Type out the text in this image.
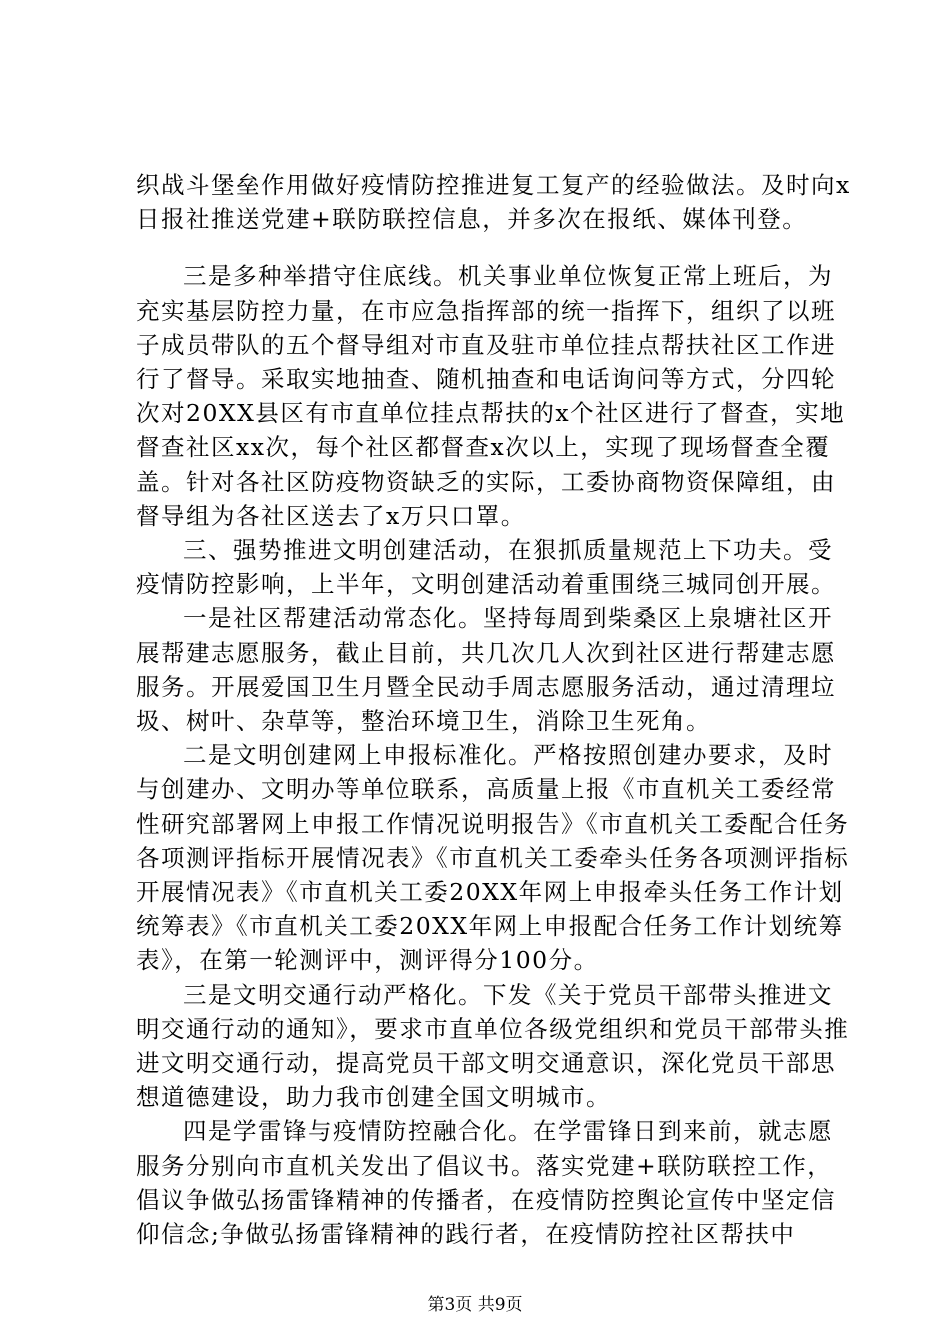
织战斗堡垒作用做好疫情防控推进复工复产的经验做法。及时向x日报社推送党建+联防联控信息，并多次在报纸、媒体刊登。

三是多种举措守住底线。机关事业单位恢复正常上班后，为充实基层防控力量，在市应急指挥部的统一指挥下，组织了以班子成员带队的五个督导组对市直及驻市单位挂点帮扶社区工作进行了督导。采取实地抽查、随机抽查和电话询问等方式，分四轮次对20XX县区有市直单位挂点帮扶的x个社区进行了督查，实地督查社区xx次，每个社区都督查x次以上，实现了现场督查全覆盖。针对各社区防疫物资缺乏的实际，工委协商物资保障组，由督导组为各社区送去了x万只口罩。

三、强势推进文明创建活动，在狠抓质量规范上下功夫。受疫情防控影响，上半年，文明创建活动着重围绕三城同创开展。

一是社区帮建活动常态化。坚持每周到柴桑区上泉塘社区开展帮建志愿服务，截止目前，共几次几人次到社区进行帮建志愿服务。开展爱国卫生月暨全民动手周志愿服务活动，通过清理垃圾、树叶、杂草等，整治环境卫生，消除卫生死角。

二是文明创建网上申报标准化。严格按照创建办要求，及时与创建办、文明办等单位联系，高质量上报《市直机关工委经常性研究部署网上申报工作情况说明报告》《市直机关工委配合任务各项测评指标开展情况表》《市直机关工委牵头任务各项测评指标开展情况表》《市直机关工委20XX年网上申报牵头任务工作计划统筹表》《市直机关工委20XX年网上申报配合任务工作计划统筹表》，在第一轮测评中，测评得分100分。

三是文明交通行动严格化。下发《关于党员干部带头推进文明交通行动的通知》，要求市直单位各级党组织和党员干部带头推进文明交通行动，提高党员干部文明交通意识，深化党员干部思想道德建设，助力我市创建全国文明城市。

四是学雷锋与疫情防控融合化。在学雷锋日到来前，就志愿服务分别向市直机关发出了倡议书。落实党建+联防联控工作，倡议争做弘扬雷锋精神的传播者，在疫情防控舆论宣传中坚定信仰信念;争做弘扬雷锋精神的践行者，在疫情防控社区帮扶中

第3页 共9页
